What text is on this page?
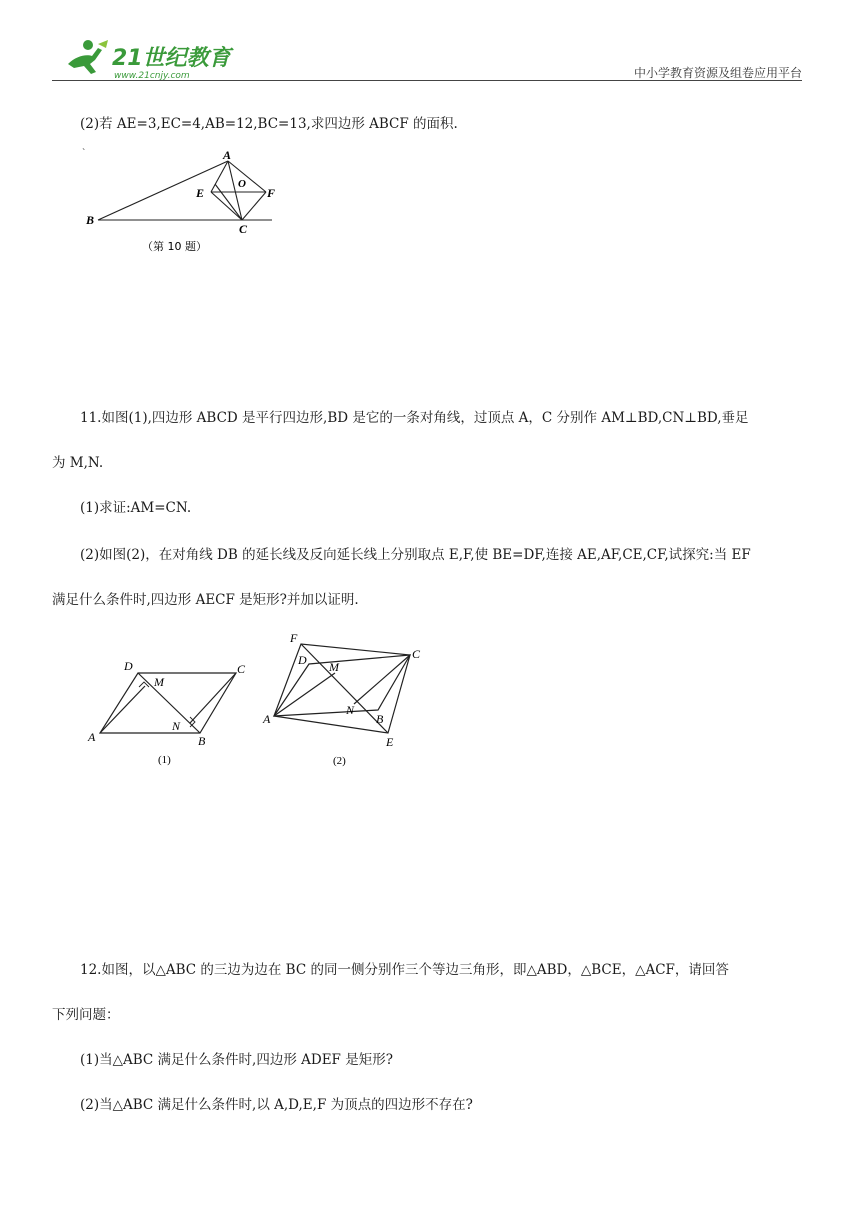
21世纪教育
www.21cnjy.com	中小学教育资源及组卷应用平台
(2)若 AE=3,EC=4,AB=12,BC=13,求四边形 ABCF 的面积.
`	A
B
C
E	F
O
（第 10 题）
11.如图(1),四边形 ABCD 是平行四边形,BD 是它的一条对角线，过顶点 A，C 分别作 AM⊥BD,CN⊥BD,垂足
为 M,N.
(1)求证:AM=CN.
(2)如图(2)，在对角线 DB 的延长线及反向延长线上分别取点 E,F,使 BE=DF,连接 AE,AF,CE,CF,试探究:当 EF
满足什么条件时,四边形 AECF 是矩形?并加以证明.
D	C
A	B
M
N
(1)
F
D	C
M
A
N
B
E
(2)
12.如图，以△ABC 的三边为边在 BC 的同一侧分别作三个等边三角形，即△ABD，△BCE，△ACF，请回答
下列问题：
(1)当△ABC 满足什么条件时,四边形 ADEF 是矩形?
(2)当△ABC 满足什么条件时,以 A,D,E,F 为顶点的四边形不存在?
